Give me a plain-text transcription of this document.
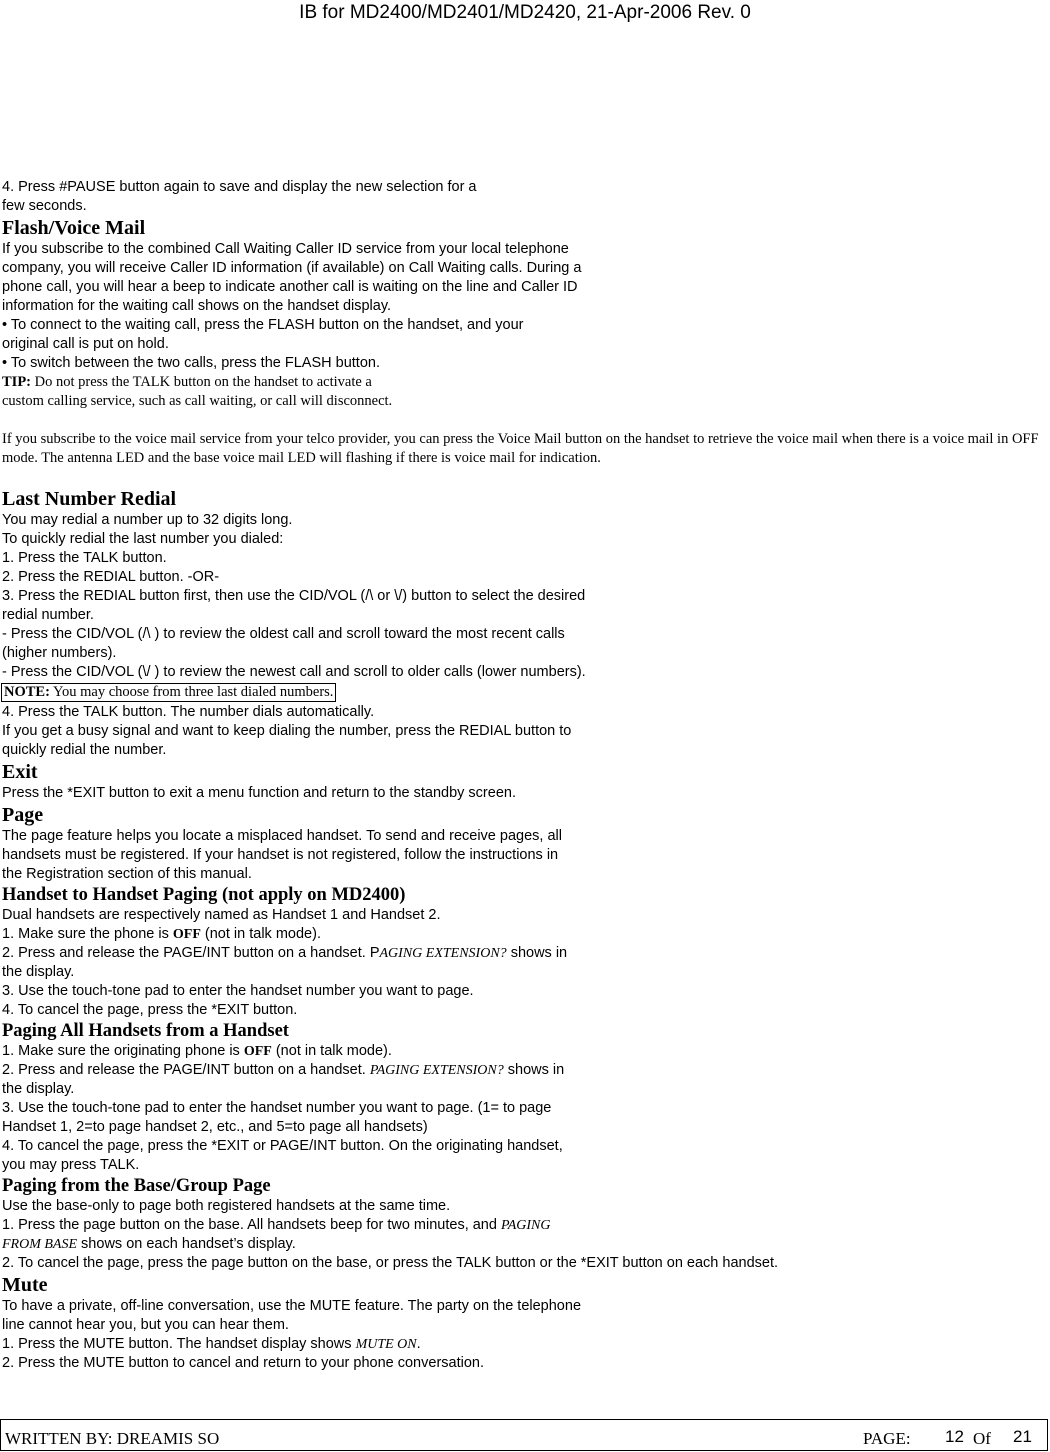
IB for MD2400/MD2401/MD2420, 21-Apr-2006 Rev. 0

4. Press #PAUSE button again to save and display the new selection for a

few seconds.

Flash/Voice Mail

If you subscribe to the combined Call Waiting Caller ID service from your local telephone

company, you will receive Caller ID information (if available) on Call Waiting calls. During a

phone call, you will hear a beep to indicate another call is waiting on the line and Caller ID

information for the waiting call shows on the handset display.

• To connect to the waiting call, press the FLASH button on the handset, and your

original call is put on hold.

• To switch between the two calls, press the FLASH button.

TIP: Do not press the TALK button on the handset to activate a

custom calling service, such as call waiting, or call will disconnect.

If you subscribe to the voice mail service from your telco provider, you can press the Voice Mail button on the handset to retrieve the voice mail when there is a voice mail in OFF mode. The antenna LED and the base voice mail LED will flashing if there is voice mail for indication.

Last Number Redial

You may redial a number up to 32 digits long.

To quickly redial the last number you dialed:

1. Press the TALK button.

2. Press the REDIAL button. -OR-

3. Press the REDIAL button first, then use the CID/VOL (/\ or \/) button to select the desired

redial number.

- Press the CID/VOL (/\ ) to review the oldest call and scroll toward the most recent calls

(higher numbers).

- Press the CID/VOL (\/ ) to review the newest call and scroll to older calls (lower numbers).

NOTE: You may choose from three last dialed numbers.

4. Press the TALK button. The number dials automatically.

If you get a busy signal and want to keep dialing the number, press the REDIAL button to

quickly redial the number.

Exit

Press the *EXIT button to exit a menu function and return to the standby screen.

Page

The page feature helps you locate a misplaced handset. To send and receive pages, all

handsets must be registered. If your handset is not registered, follow the instructions in

the Registration section of this manual.

Handset to Handset Paging (not apply on MD2400)

Dual handsets are respectively named as Handset 1 and Handset 2.

1. Make sure the phone is OFF (not in talk mode).

2. Press and release the PAGE/INT button on a handset. PAGING EXTENSION? shows in

the display.

3. Use the touch-tone pad to enter the handset number you want to page.

4. To cancel the page, press the *EXIT button.

Paging All Handsets from a Handset

1. Make sure the originating phone is OFF (not in talk mode).

2. Press and release the PAGE/INT button on a handset. PAGING EXTENSION? shows in

the display.

3. Use the touch-tone pad to enter the handset number you want to page. (1= to page

Handset 1, 2=to page handset 2, etc., and 5=to page all handsets)

4. To cancel the page, press the *EXIT or PAGE/INT button. On the originating handset,

you may press TALK.

Paging from the Base/Group Page

Use the base-only to page both registered handsets at the same time.

1. Press the page button on the base. All handsets beep for two minutes, and PAGING

FROM BASE shows on each handset’s display.

2. To cancel the page, press the page button on the base, or press the TALK button or the *EXIT button on each handset.

Mute

To have a private, off-line conversation, use the MUTE feature. The party on the telephone

line cannot hear you, but you can hear them.

1. Press the MUTE button. The handset display shows MUTE ON.

2. Press the MUTE button to cancel and return to your phone conversation.

WRITTEN BY: DREAMIS SO	PAGE: 12 Of 21
